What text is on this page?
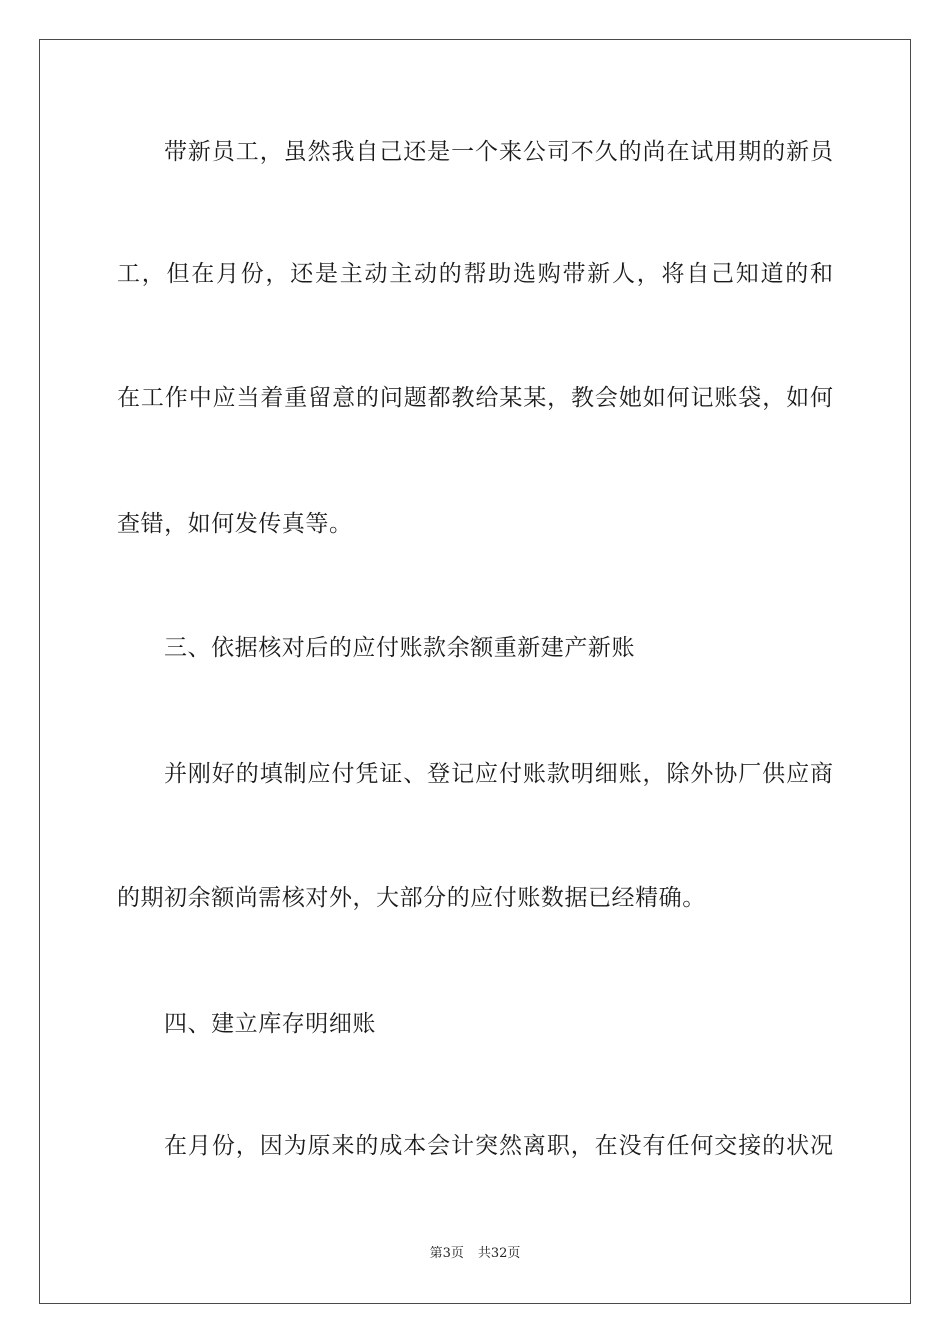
带新员工，虽然我自己还是一个来公司不久的尚在试用期的新员
工，但在月份，还是主动主动的帮助选购带新人，将自己知道的和
在工作中应当着重留意的问题都教给某某，教会她如何记账袋，如何
查错，如何发传真等。
三、依据核对后的应付账款余额重新建产新账
并刚好的填制应付凭证、登记应付账款明细账，除外协厂供应商
的期初余额尚需核对外，大部分的应付账数据已经精确。
四、建立库存明细账
在月份，因为原来的成本会计突然离职，在没有任何交接的状况
第3页 共32页
